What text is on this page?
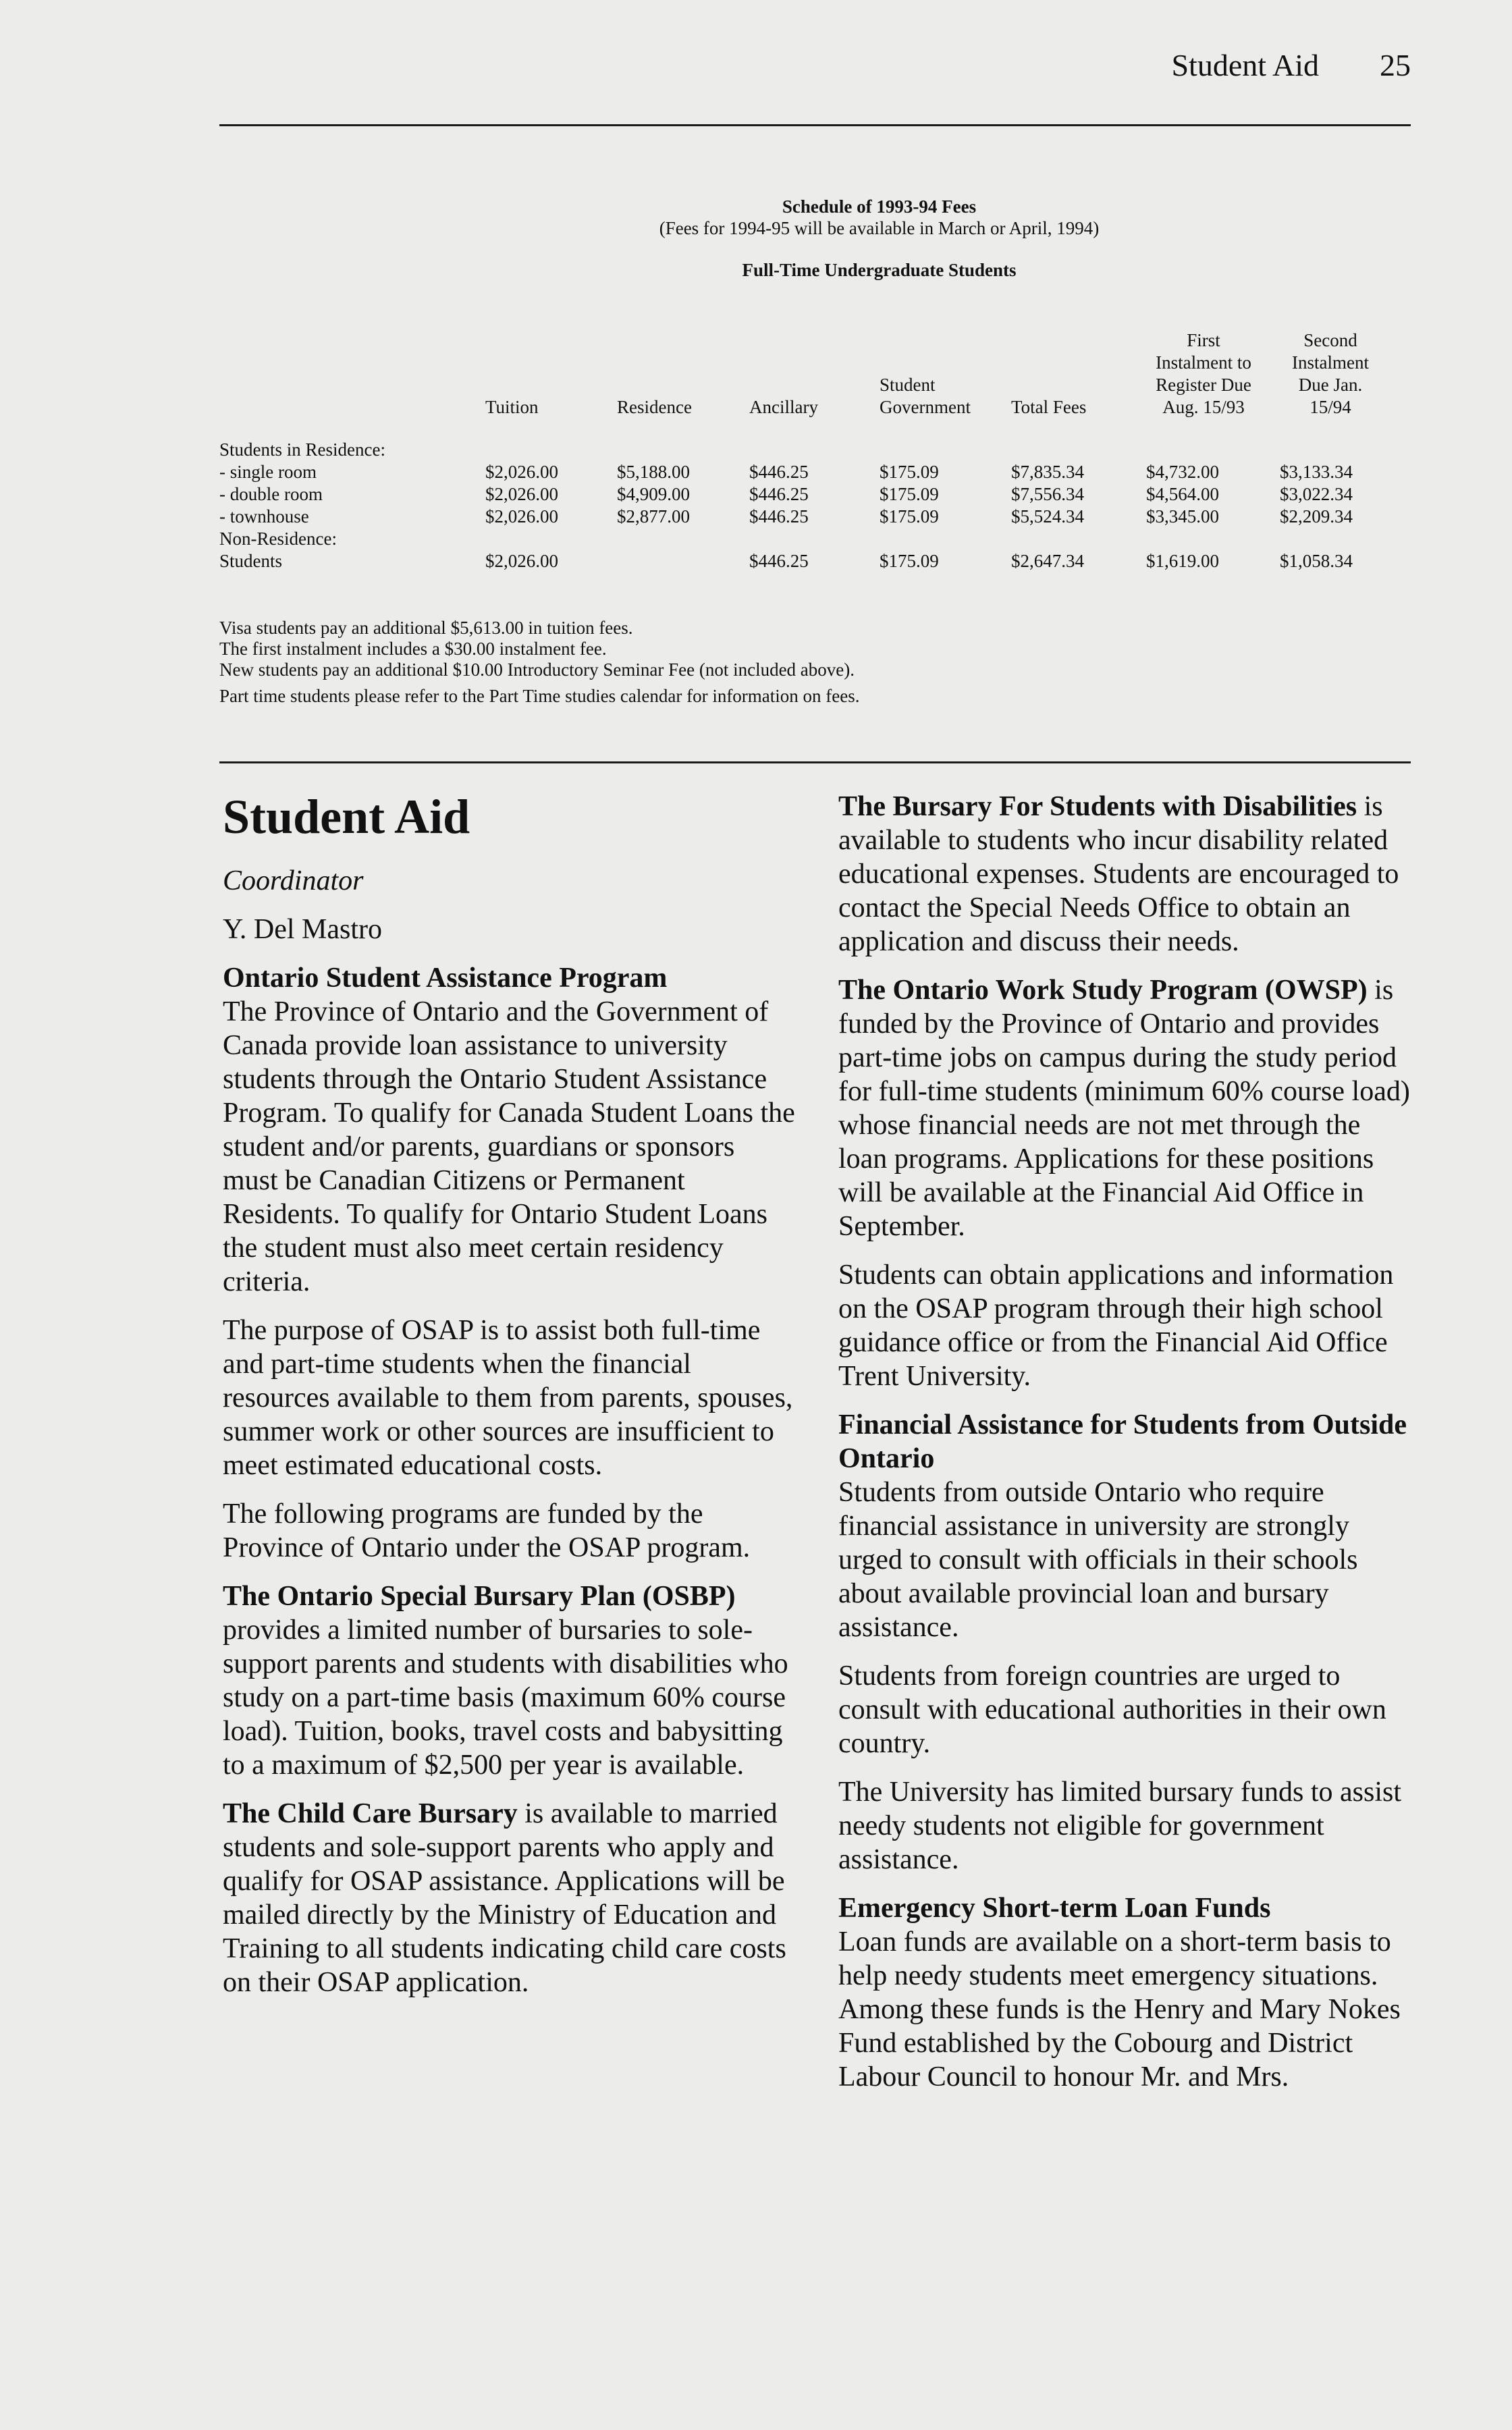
Student Aid 25
Schedule of 1993-94 Fees
(Fees for 1994-95 will be available in March or April, 1994)
Full-Time Undergraduate Students
	Tuition	Residence	Ancillary	Student Government	Total Fees	First Instalment to Register Due Aug. 15/93	Second Instalment Due Jan. 15/94

Students in Residence:							
- single room	$2,026.00	$5,188.00	$446.25	$175.09	$7,835.34	$4,732.00	$3,133.34
- double room	$2,026.00	$4,909.00	$446.25	$175.09	$7,556.34	$4,564.00	$3,022.34
- townhouse	$2,026.00	$2,877.00	$446.25	$175.09	$5,524.34	$3,345.00	$2,209.34
Non-Residence:							
Students	$2,026.00		$446.25	$175.09	$2,647.34	$1,619.00	$1,058.34
Visa students pay an additional $5,613.00 in tuition fees.
The first instalment includes a $30.00 instalment fee.
New students pay an additional $10.00 Introductory Seminar Fee (not included above).
Part time students please refer to the Part Time studies calendar for information on fees.
Student Aid

Coordinator

Y. Del Mastro

Ontario Student Assistance Program
The Province of Ontario and the Government of Canada provide loan assistance to university students through the Ontario Student Assistance Program. To qualify for Canada Student Loans the student and/or parents, guardians or sponsors must be Canadian Citizens or Permanent Residents. To qualify for Ontario Student Loans the student must also meet certain residency criteria.

The purpose of OSAP is to assist both full-time and part-time students when the financial resources available to them from parents, spouses, summer work or other sources are insufficient to meet estimated educational costs.

The following programs are funded by the Province of Ontario under the OSAP program.

The Ontario Special Bursary Plan (OSBP) provides a limited number of bursaries to sole-support parents and students with disabilities who study on a part-time basis (maximum 60% course load). Tuition, books, travel costs and babysitting to a maximum of $2,500 per year is available.

The Child Care Bursary is available to married students and sole-support parents who apply and qualify for OSAP assistance. Applications will be mailed directly by the Ministry of Education and Training to all students indicating child care costs on their OSAP application.

The Bursary For Students with Disabilities is available to students who incur disability related educational expenses. Students are encouraged to contact the Special Needs Office to obtain an application and discuss their needs.

The Ontario Work Study Program (OWSP) is funded by the Province of Ontario and provides part-time jobs on campus during the study period for full-time students (minimum 60% course load) whose financial needs are not met through the loan programs. Applications for these positions will be available at the Financial Aid Office in September.

Students can obtain applications and information on the OSAP program through their high school guidance office or from the Financial Aid Office Trent University.

Financial Assistance for Students from Outside Ontario
Students from outside Ontario who require financial assistance in university are strongly urged to consult with officials in their schools about available provincial loan and bursary assistance.

Students from foreign countries are urged to consult with educational authorities in their own country.

The University has limited bursary funds to assist needy students not eligible for government assistance.

Emergency Short-term Loan Funds
Loan funds are available on a short-term basis to help needy students meet emergency situations. Among these funds is the Henry and Mary Nokes Fund established by the Cobourg and District Labour Council to honour Mr. and Mrs.
